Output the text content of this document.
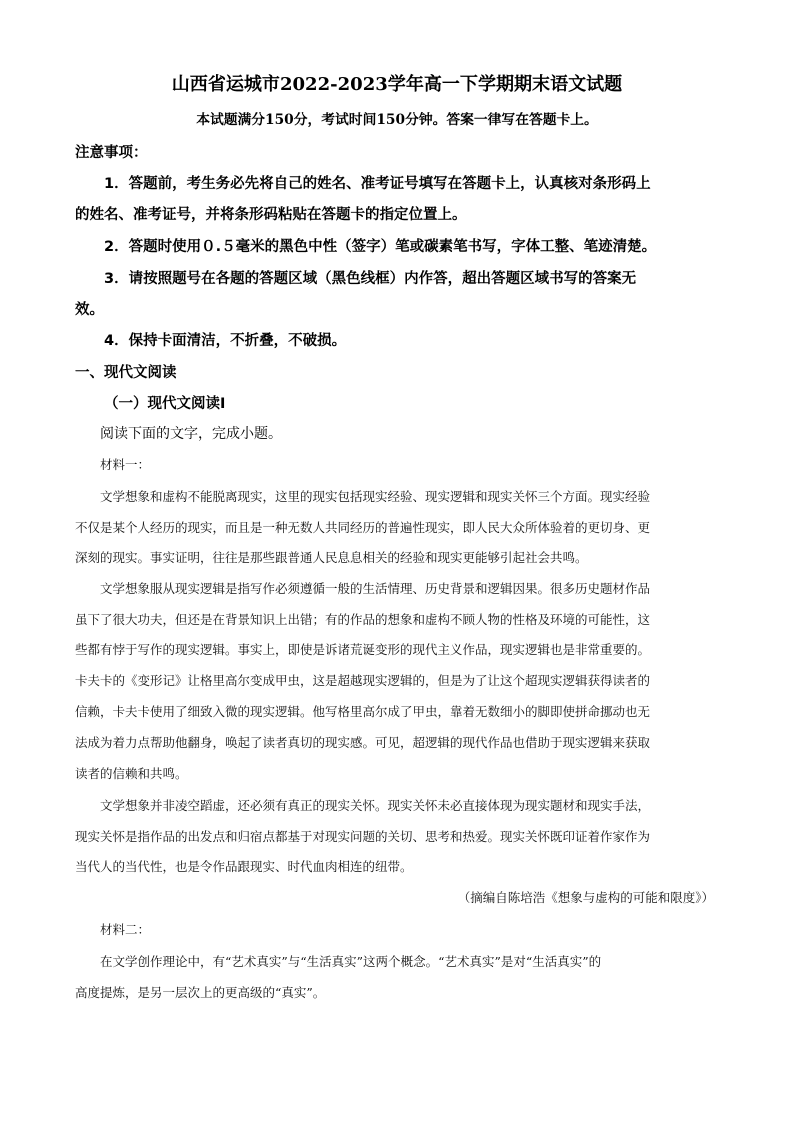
山西省运城市2022-2023学年高一下学期期末语文试题
本试题满分150分，考试时间150分钟。答案一律写在答题卡上。
注意事项：
1．答题前，考生务必先将自己的姓名、准考证号填写在答题卡上，认真核对条形码上
的姓名、准考证号，并将条形码粘贴在答题卡的指定位置上。
2．答题时使用０.５毫米的黑色中性（签字）笔或碳素笔书写，字体工整、笔迹清楚。
3．请按照题号在各题的答题区域（黑色线框）内作答，超出答题区域书写的答案无
效。
4．保持卡面清洁，不折叠，不破损。
一、现代文阅读
（一）现代文阅读Ⅰ
阅读下面的文字，完成小题。
材料一：
文学想象和虚构不能脱离现实，这里的现实包括现实经验、现实逻辑和现实关怀三个方面。现实经验
不仅是某个人经历的现实，而且是一种无数人共同经历的普遍性现实，即人民大众所体验着的更切身、更
深刻的现实。事实证明，往往是那些跟普通人民息息相关的经验和现实更能够引起社会共鸣。
文学想象服从现实逻辑是指写作必须遵循一般的生活情理、历史背景和逻辑因果。很多历史题材作品
虽下了很大功夫，但还是在背景知识上出错；有的作品的想象和虚构不顾人物的性格及环境的可能性，这
些都有悖于写作的现实逻辑。事实上，即使是诉诸荒诞变形的现代主义作品，现实逻辑也是非常重要的。
卡夫卡的《变形记》让格里高尔变成甲虫，这是超越现实逻辑的，但是为了让这个超现实逻辑获得读者的
信赖，卡夫卡使用了细致入微的现实逻辑。他写格里高尔成了甲虫，靠着无数细小的脚即使拼命挪动也无
法成为着力点帮助他翻身，唤起了读者真切的现实感。可见，超逻辑的现代作品也借助于现实逻辑来获取
读者的信赖和共鸣。
文学想象并非凌空蹈虚，还必须有真正的现实关怀。现实关怀未必直接体现为现实题材和现实手法，
现实关怀是指作品的出发点和归宿点都基于对现实问题的关切、思考和热爱。现实关怀既印证着作家作为
当代人的当代性，也是令作品跟现实、时代血肉相连的纽带。
（摘编自陈培浩《想象与虚构的可能和限度》）
材料二：
在文学创作理论中，有“艺术真实”与“生活真实”这两个概念。“艺术真实”是对“生活真实”的
高度提炼，是另一层次上的更高级的“真实”。
